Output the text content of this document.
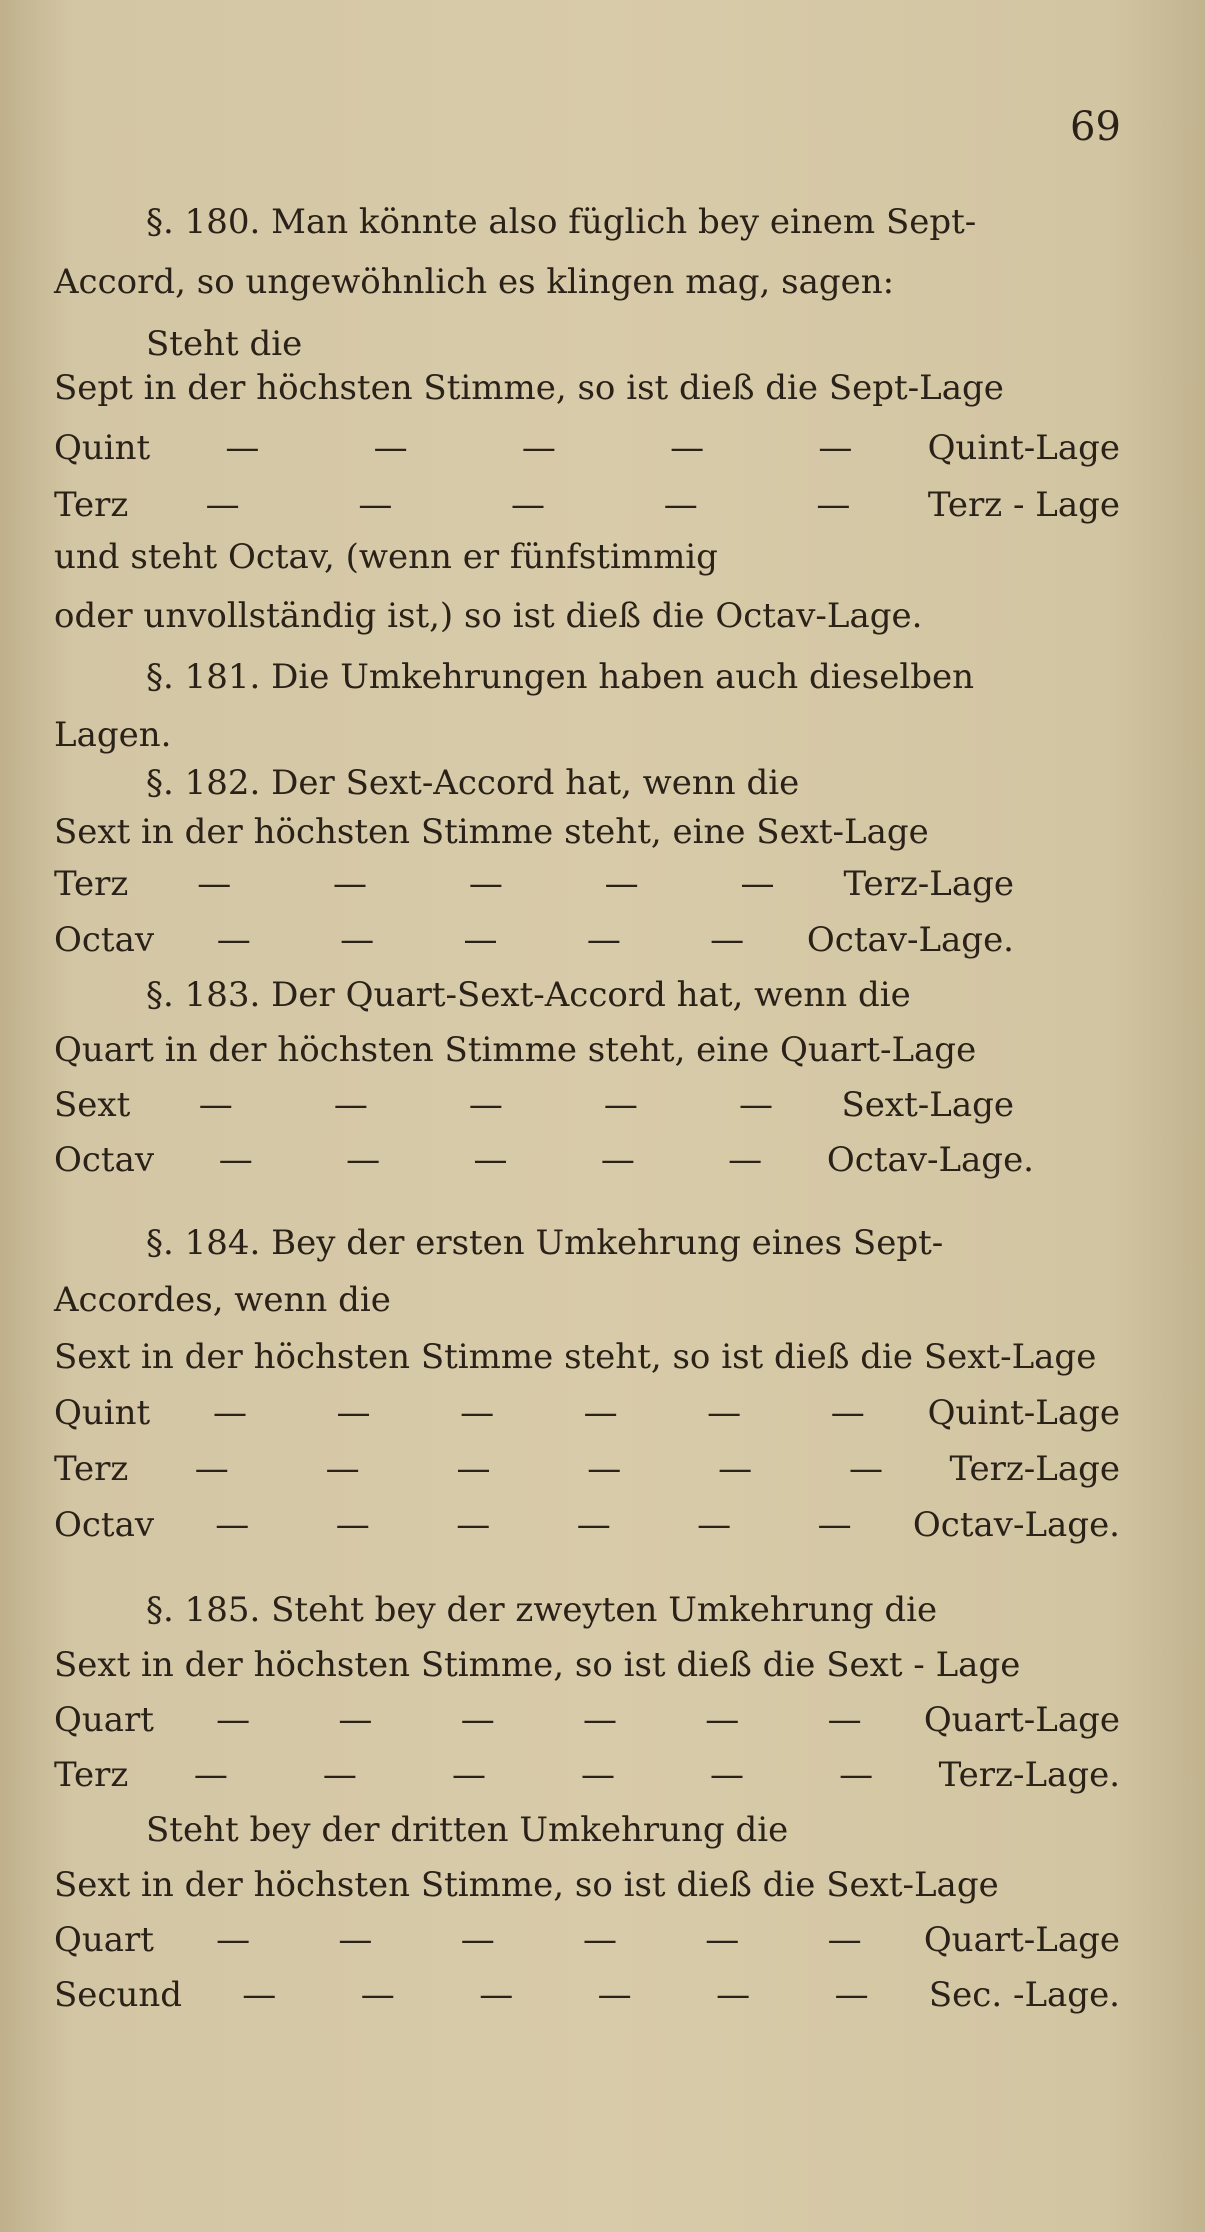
69
§. 180. Man könnte also füglich bey einem Sept-
Accord, so ungewöhnlich es klingen mag, sagen:
Steht die
Sept in der höchsten Stimme, so ist dieß die Sept-Lage
Quint —	—	—	—	— Quint-Lage
Terz —	—	—	—	— Terz - Lage
und steht Octav, (wenn er fünfstimmig
oder unvollständig ist,) so ist dieß die Octav-Lage.
§. 181. Die Umkehrungen haben auch dieselben
Lagen.
§. 182. Der Sext-Accord hat, wenn die
Sext in der höchsten Stimme steht, eine Sext-Lage
Terz —	—	—	—	— Terz-Lage
Octav —	—	—	—	— Octav-Lage.
§. 183. Der Quart-Sext-Accord hat, wenn die
Quart in der höchsten Stimme steht, eine Quart-Lage
Sext —	—	—	—	— Sext-Lage
Octav —	—	—	—	— Octav-Lage.
§. 184. Bey der ersten Umkehrung eines Sept-
Accordes, wenn die
Sext in der höchsten Stimme steht, so ist dieß die Sext-Lage
Quint —	—	—	—	—	— Quint-Lage
Terz —	—	—	—	—	— Terz-Lage
Octav —	—	—	—	—	— Octav-Lage.
§. 185. Steht bey der zweyten Umkehrung die
Sext in der höchsten Stimme, so ist dieß die Sext - Lage
Quart —	—	—	—	—	— Quart-Lage
Terz —	—	—	—	—	— Terz-Lage.
Steht bey der dritten Umkehrung die
Sext in der höchsten Stimme, so ist dieß die Sext-Lage
Quart —	—	—	—	—	— Quart-Lage
Secund — — — — — — Sec. -Lage.
